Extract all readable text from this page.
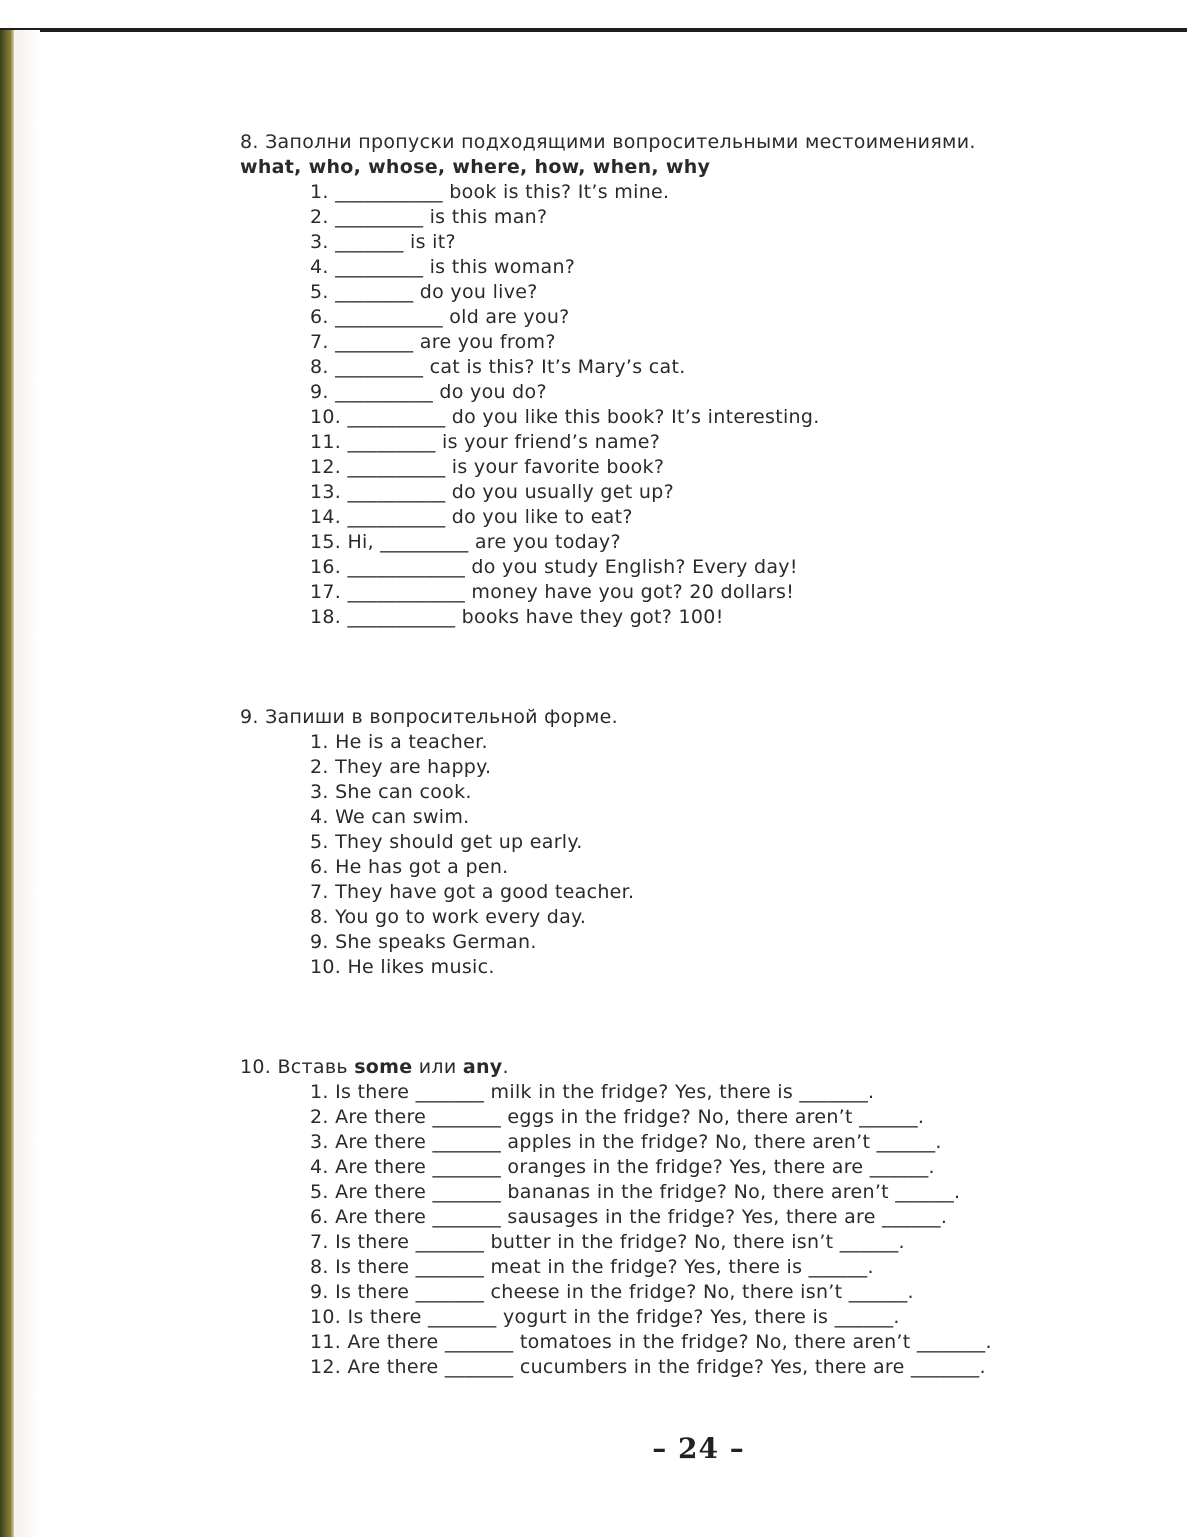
8. Заполни пропуски подходящими вопросительными местоимениями.
what, who, whose, where, how, when, why
1. ___________ book is this? It’s mine.
2. _________ is this man?
3. _______ is it?
4. _________ is this woman?
5. ________ do you live?
6. ___________ old are you?
7. ________ are you from?
8. _________ cat is this? It’s Mary’s cat.
9. __________ do you do?
10. __________ do you like this book? It’s interesting.
11. _________ is your friend’s name?
12. __________ is your favorite book?
13. __________ do you usually get up?
14. __________ do you like to eat?
15. Hi, _________ are you today?
16. ____________ do you study English? Every day!
17. ____________ money have you got? 20 dollars!
18. ___________ books have they got? 100!
9. Запиши в вопросительной форме.
1. He is a teacher.
2. They are happy.
3. She can cook.
4. We can swim.
5. They should get up early.
6. He has got a pen.
7. They have got a good teacher.
8. You go to work every day.
9. She speaks German.
10. He likes music.
10. Вставь some или any.
1. Is there _______ milk in the fridge? Yes, there is _______.
2. Are there _______ eggs in the fridge? No, there aren’t ______.
3. Are there _______ apples in the fridge? No, there aren’t ______.
4. Are there _______ oranges in the fridge? Yes, there are ______.
5. Are there _______ bananas in the fridge? No, there aren’t ______.
6. Are there _______ sausages in the fridge? Yes, there are ______.
7. Is there _______ butter in the fridge? No, there isn’t ______.
8. Is there _______ meat in the fridge? Yes, there is ______.
9. Is there _______ cheese in the fridge? No, there isn’t ______.
10. Is there _______ yogurt in the fridge? Yes, there is ______.
11. Are there _______ tomatoes in the fridge? No, there aren’t _______.
12. Are there _______ cucumbers in the fridge? Yes, there are _______.
– 24 –
